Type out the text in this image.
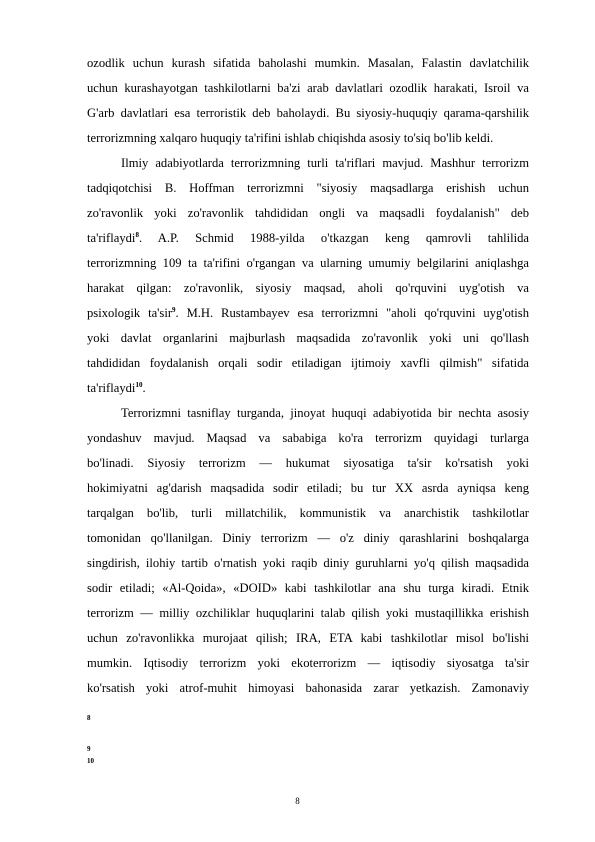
ozodlik uchun kurash sifatida baholashi mumkin. Masalan, Falastin davlatchilik
uchun kurashayotgan tashkilotlarni ba'zi arab davlatlari ozodlik harakati, Isroil va
G'arb davlatlari esa terroristik deb baholaydi. Bu siyosiy-huquqiy qarama-qarshilik
terrorizmning xalqaro huquqiy ta'rifini ishlab chiqishda asosiy to'siq bo'lib keldi.
Ilmiy adabiyotlarda terrorizmning turli ta'riflari mavjud. Mashhur terrorizm
tadqiqotchisi B. Hoffman terrorizmni "siyosiy maqsadlarga erishish uchun
zo'ravonlik yoki zo'ravonlik tahdididan ongli va maqsadli foydalanish" deb
ta'riflaydi$^8$. A.P. Schmid 1988-yilda o'tkazgan keng qamrovli tahlilida
terrorizmning 109 ta ta'rifini o'rgangan va ularning umumiy belgilarini aniqlashga
harakat qilgan: zo'ravonlik, siyosiy maqsad, aholi qo'rquvini uyg'otish va
psixologik ta'sir$^9$. M.H. Rustambayev esa terrorizmni "aholi qo'rquvini uyg'otish
yoki davlat organlarini majburlash maqsadida zo'ravonlik yoki uni qo'llash
tahdididan foydalanish orqali sodir etiladigan ijtimoiy xavfli qilmish" sifatida
ta'riflaydi$^{10}$.
Terrorizmni tasniflay turganda, jinoyat huquqi adabiyotida bir nechta asosiy
yondashuv mavjud. Maqsad va sababiga ko'ra terrorizm quyidagi turlarga
bo'linadi. Siyosiy terrorizm — hukumat siyosatiga ta'sir ko'rsatish yoki
hokimiyatni ag'darish maqsadida sodir etiladi; bu tur XX asrda ayniqsa keng
tarqalgan bo'lib, turli millatchilik, kommunistik va anarchistik tashkilotlar
tomonidan qo'llanilgan. Diniy terrorizm — o'z diniy qarashlarini boshqalarga
singdirish, ilohiy tartib o'rnatish yoki raqib diniy guruhlarni yo'q qilish maqsadida
sodir etiladi; «Al-Qoida», «DOID» kabi tashkilotlar ana shu turga kiradi. Etnik
terrorizm — milliy ozchiliklar huquqlarini talab qilish yoki mustaqillikka erishish
uchun zo'ravonlikka murojaat qilish; IRA, ETA kabi tashkilotlar misol bo'lishi
mumkin. Iqtisodiy terrorizm yoki ekoterrorizm — iqtisodiy siyosatga ta'sir
ko'rsatish yoki atrof-muhit himoyasi bahonasida zarar yetkazish. Zamonaviy
8
9
10
8
